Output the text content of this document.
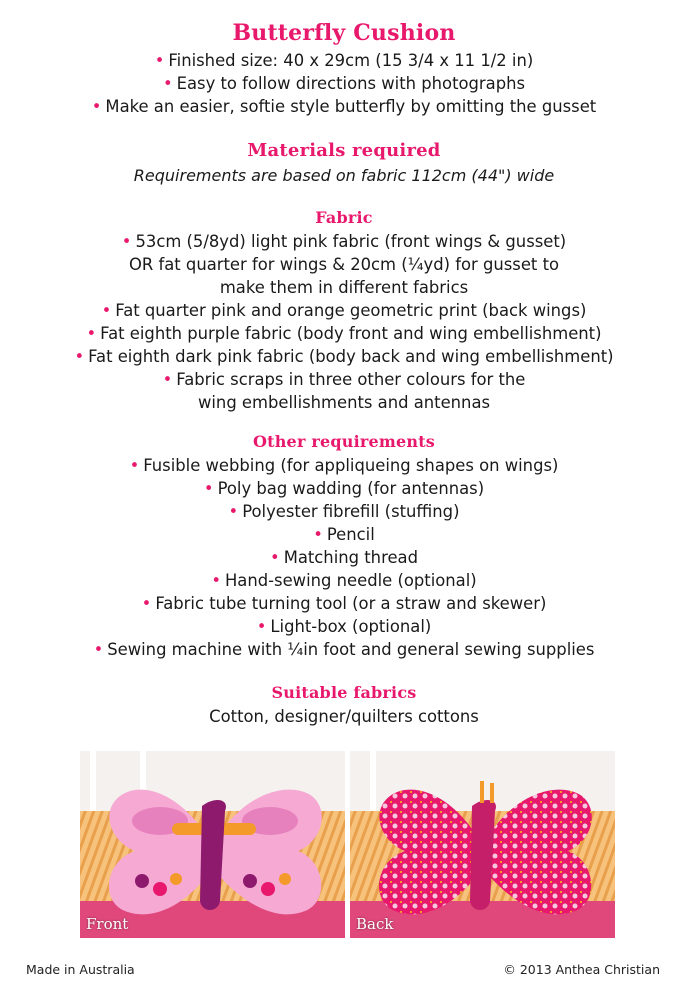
Butterfly Cushion

• Finished size: 40 x 29cm (15 3/4 x 11 1/2 in)

• Easy to follow directions with photographs

• Make an easier, softie style butterfly by omitting the gusset

Materials required

Requirements are based on fabric 112cm (44") wide

Fabric

• 53cm (5/8yd) light pink fabric (front wings & gusset)

OR fat quarter for wings & 20cm (¼yd) for gusset to

make them in different fabrics

• Fat quarter pink and orange geometric print (back wings)

• Fat eighth purple fabric (body front and wing embellishment)

• Fat eighth dark pink fabric (body back and wing embellishment)

• Fabric scraps in three other colours for the

wing embellishments and antennas

Other requirements

• Fusible webbing (for appliqueing shapes on wings)

• Poly bag wadding (for antennas)

• Polyester fibrefill (stuffing)

• Pencil

• Matching thread

• Hand-sewing needle (optional)

• Fabric tube turning tool (or a straw and skewer)

• Light-box (optional)

• Sewing machine with ¼in foot and general sewing supplies

Suitable fabrics

Cotton, designer/quilters cottons

Front	Back
Made in Australia	© 2013 Anthea Christian
